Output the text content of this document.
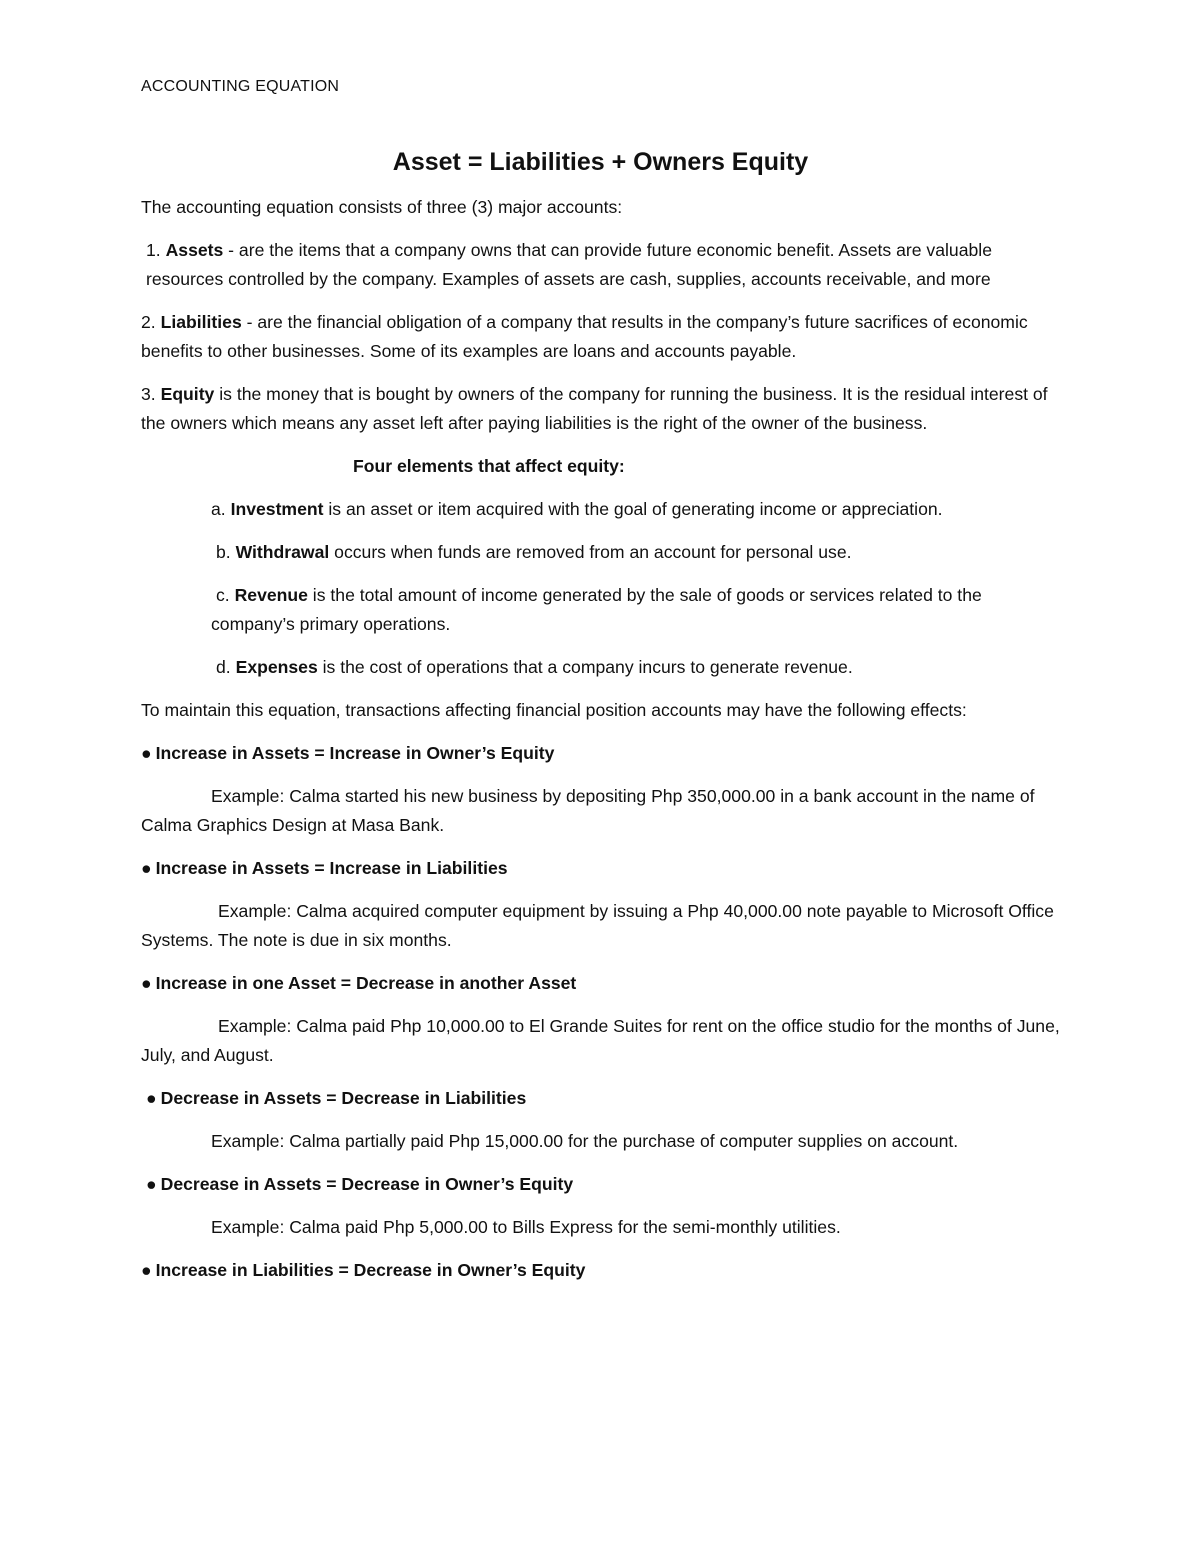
ACCOUNTING EQUATION

Asset = Liabilities + Owners Equity

The accounting equation consists of three (3) major accounts:

1. Assets - are the items that a company owns that can provide future economic benefit. Assets are valuable resources controlled by the company. Examples of assets are cash, supplies, accounts receivable, and more

2. Liabilities - are the financial obligation of a company that results in the company’s future sacrifices of economic benefits to other businesses. Some of its examples are loans and accounts payable.

3. Equity is the money that is bought by owners of the company for running the business. It is the residual interest of the owners which means any asset left after paying liabilities is the right of the owner of the business.

Four elements that affect equity:

a. Investment is an asset or item acquired with the goal of generating income or appreciation.

b. Withdrawal occurs when funds are removed from an account for personal use.

c. Revenue is the total amount of income generated by the sale of goods or services related to the company’s primary operations.

d. Expenses is the cost of operations that a company incurs to generate revenue.

To maintain this equation, transactions affecting financial position accounts may have the following effects:

● Increase in Assets = Increase in Owner’s Equity

Example: Calma started his new business by depositing Php 350,000.00 in a bank account in the name of Calma Graphics Design at Masa Bank.

● Increase in Assets = Increase in Liabilities

Example: Calma acquired computer equipment by issuing a Php 40,000.00 note payable to Microsoft Office Systems. The note is due in six months.

● Increase in one Asset = Decrease in another Asset

Example: Calma paid Php 10,000.00 to El Grande Suites for rent on the office studio for the months of June, July, and August.

● Decrease in Assets = Decrease in Liabilities

Example: Calma partially paid Php 15,000.00 for the purchase of computer supplies on account.

● Decrease in Assets = Decrease in Owner’s Equity

Example: Calma paid Php 5,000.00 to Bills Express for the semi-monthly utilities.

● Increase in Liabilities = Decrease in Owner’s Equity
